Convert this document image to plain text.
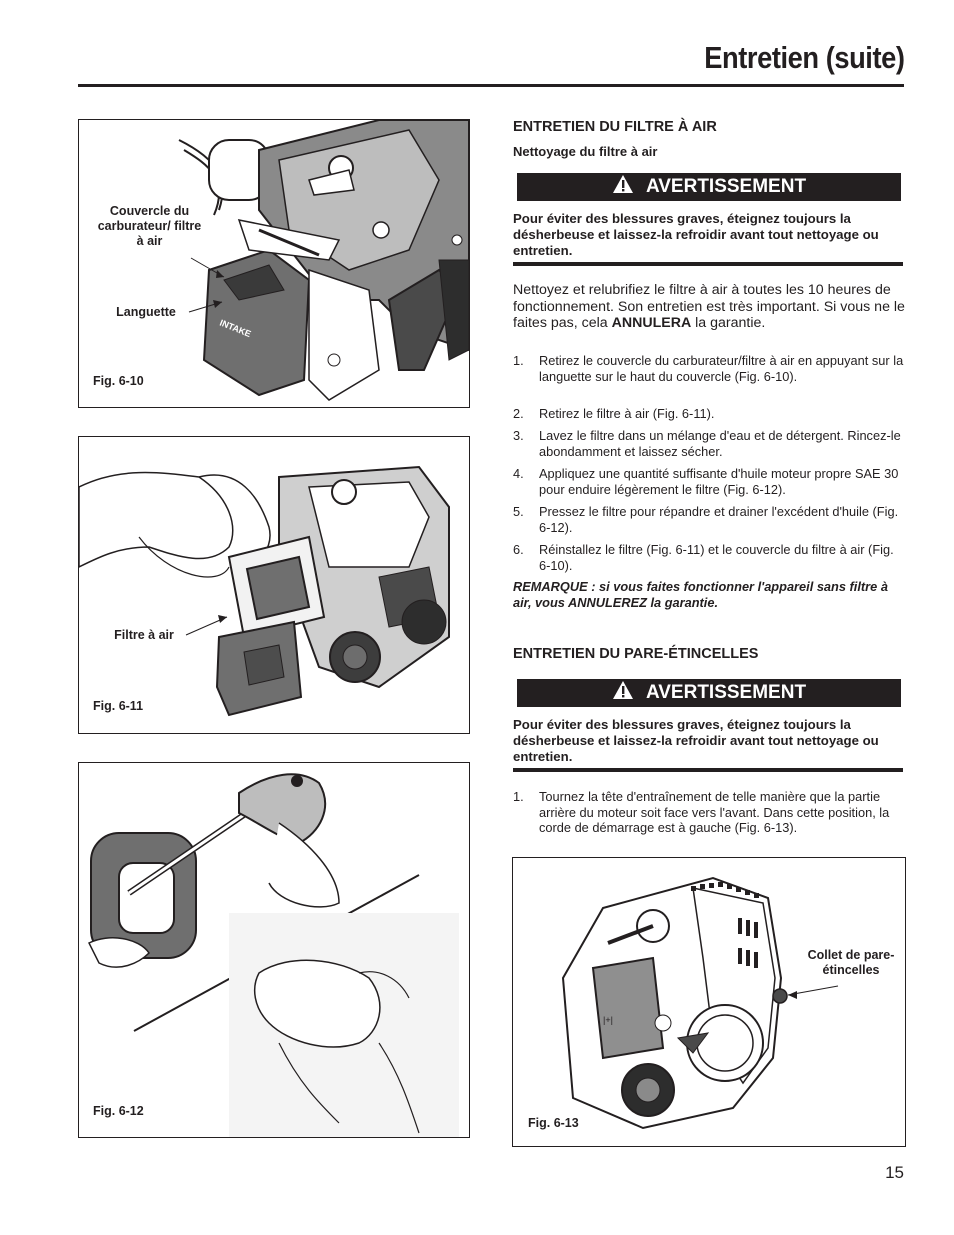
Entretien (suite)
INTAKE
Couvercle du carburateur/ filtre à air
Languette
Fig. 6-10
Filtre à air
Fig. 6-11
Fig. 6-12
ENTRETIEN DU FILTRE À AIR
Nettoyage du filtre à air
AVERTISSEMENT
Pour éviter des blessures graves, éteignez toujours la désherbeuse et laissez-la refroidir avant tout nettoyage ou entretien.
Nettoyez et relubrifiez le filtre à air à toutes les 10 heures de fonctionnement. Son entretien est très important. Si vous ne le faites pas, cela ANNULERA la garantie.
1. Retirez le couvercle du carburateur/filtre à air en appuyant sur la languette sur le haut du couvercle (Fig. 6-10).
2. Retirez le filtre à air (Fig. 6-11).
3. Lavez le filtre dans un mélange d'eau et de détergent. Rincez-le abondamment et laissez sécher.
4. Appliquez une quantité suffisante d'huile moteur propre SAE 30 pour enduire légèrement le filtre (Fig. 6-12).
5. Pressez le filtre pour répandre et drainer l'excédent d'huile (Fig. 6-12).
6. Réinstallez le filtre (Fig. 6-11) et le couvercle du filtre à air (Fig. 6-10).
REMARQUE : si vous faites fonctionner l'appareil sans filtre à air, vous ANNULEREZ la garantie.
ENTRETIEN DU PARE-ÉTINCELLES
AVERTISSEMENT
Pour éviter des blessures graves, éteignez toujours la désherbeuse et laissez-la refroidir avant tout nettoyage ou entretien.
1. Tournez la tête d'entraînement de telle manière que la partie arrière du moteur soit face vers l'avant. Dans cette position, la corde de démarrage est à gauche (Fig. 6-13).
|+|
Collet de pare-étincelles
Fig. 6-13
15
